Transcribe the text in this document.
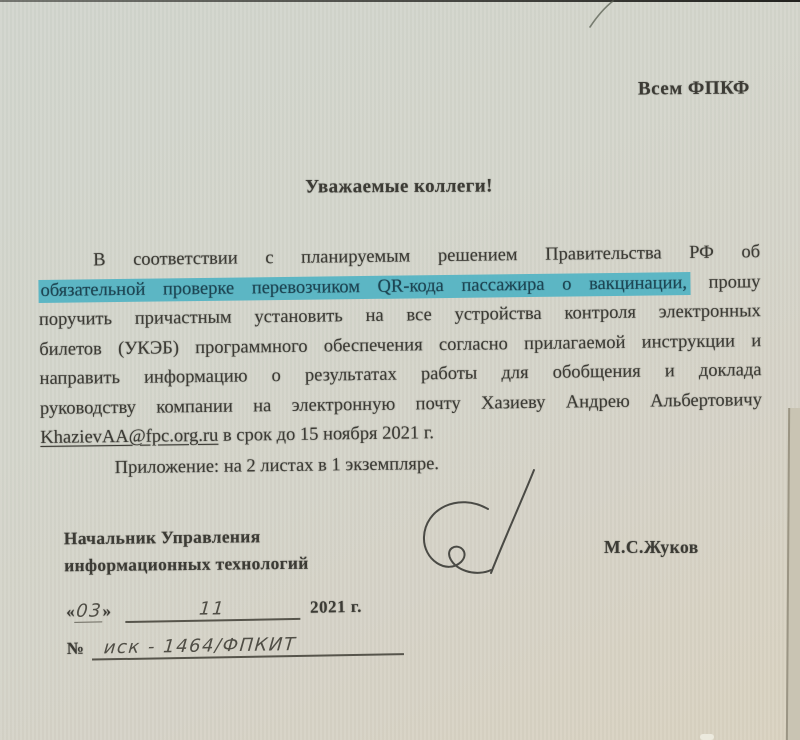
Всем ФПКФ
Уважаемые коллеги!
В соответствии с планируемым решением Правительства РФ об
обязательной проверке перевозчиком QR-кода пассажира о вакцинации, прошу
поручить причастным установить на все устройства контроля электронных
билетов (УКЭБ) программного обеспечения согласно прилагаемой инструкции и
направить информацию о результатах работы для обобщения и доклада
руководству компании на электронную почту Хазиеву Андрею Альбертовичу
KhazievAA@fpc.org.ru в срок до 15 ноября 2021 г.
Приложение: на 2 листах в 1 экземпляре.
Начальник Управления
информационных технологий
М.С.Жуков
«03»	11	2021 г.
№ иск - 1464/ФПКИТ
